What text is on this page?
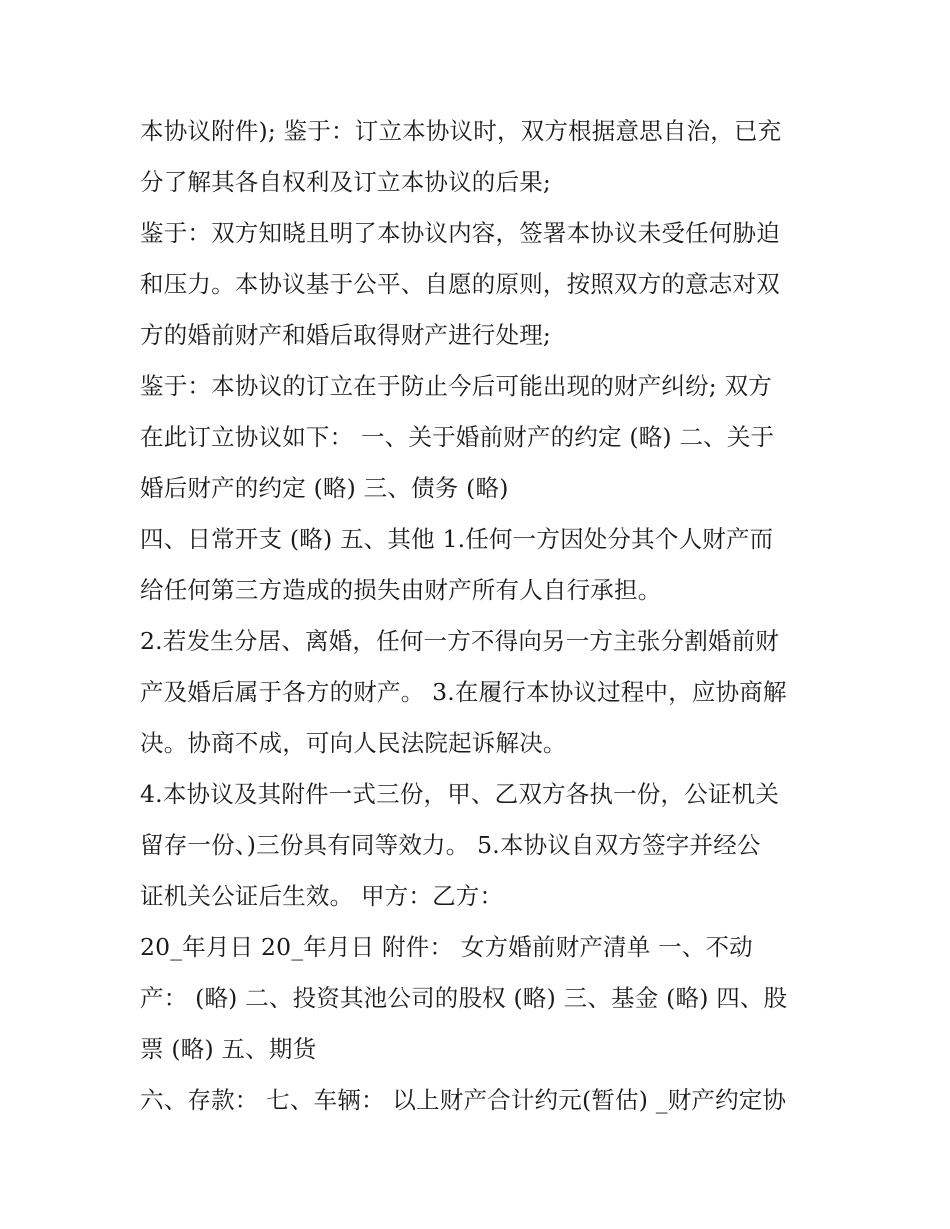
本协议附件); 鉴于：订立本协议时，双方根据意思自治，已充
分了解其各自权利及订立本协议的后果;
鉴于：双方知晓且明了本协议内容，签署本协议未受任何胁迫
和压力。本协议基于公平、自愿的原则，按照双方的意志对双
方的婚前财产和婚后取得财产进行处理;
鉴于：本协议的订立在于防止今后可能出现的财产纠纷; 双方
在此订立协议如下： 一、关于婚前财产的约定 (略) 二、关于
婚后财产的约定 (略) 三、债务 (略)
四、日常开支 (略) 五、其他 1.任何一方因处分其个人财产而
给任何第三方造成的损失由财产所有人自行承担。
2.若发生分居、离婚，任何一方不得向另一方主张分割婚前财
产及婚后属于各方的财产。 3.在履行本协议过程中，应协商解
决。协商不成，可向人民法院起诉解决。
4.本协议及其附件一式三份，甲、乙双方各执一份，公证机关
留存一份、)三份具有同等效力。 5.本协议自双方签字并经公
证机关公证后生效。 甲方：乙方：
20_年月日 20_年月日 附件： 女方婚前财产清单 一、不动
产： (略) 二、投资其池公司的股权 (略) 三、基金 (略) 四、股
票 (略) 五、期货
六、存款： 七、车辆： 以上财产合计约元(暂估) _财产约定协
